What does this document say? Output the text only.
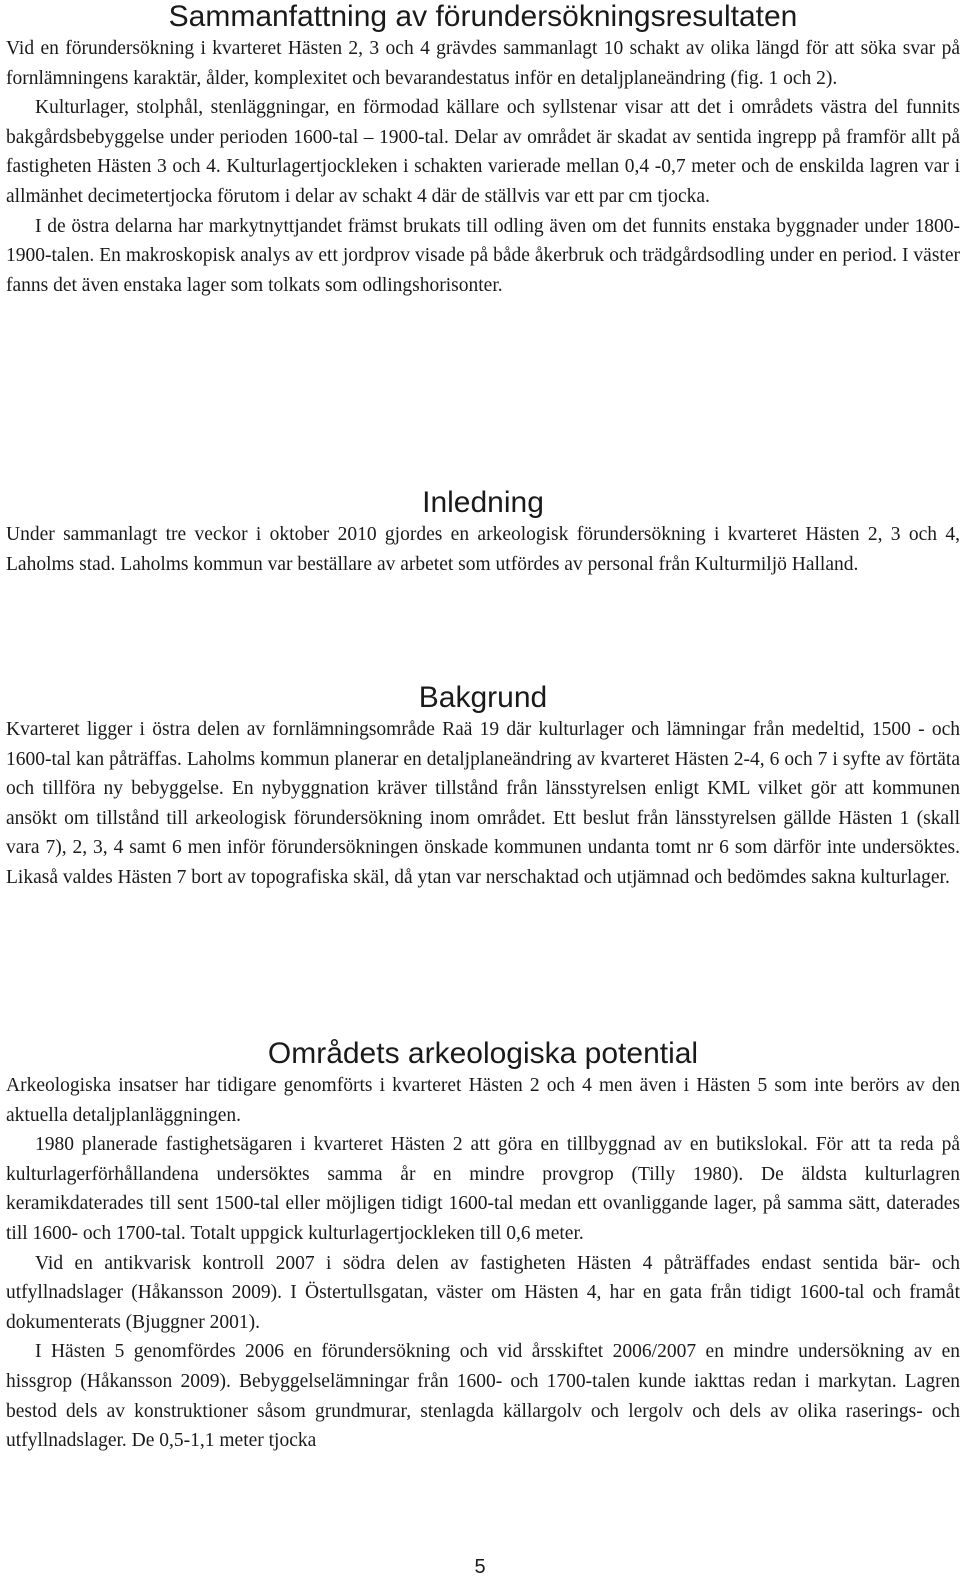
Sammanfattning av förundersökningsresultaten

Vid en förundersökning i kvarteret Hästen 2, 3 och 4 grävdes sammanlagt 10 schakt av olika längd för att söka svar på fornlämningens karaktär, ålder, komplexitet och bevarandestatus inför en detaljplaneändring (fig. 1 och 2).

Kulturlager, stolphål, stenläggningar, en förmodad källare och syllstenar visar att det i områdets västra del funnits bakgårdsbebyggelse under perioden 1600-tal – 1900-tal. Delar av området är skadat av sentida ingrepp på framför allt på fastigheten Hästen 3 och 4. Kulturlagertjockleken i schakten varierade mellan 0,4 -0,7 meter och de enskilda lagren var i allmänhet decimetertjocka förutom i delar av schakt 4 där de ställvis var ett par cm tjocka.

I de östra delarna har markytnyttjandet främst brukats till odling även om det funnits enstaka byggnader under 1800-1900-talen. En makroskopisk analys av ett jordprov visade på både åkerbruk och trädgårdsodling under en period. I väster fanns det även enstaka lager som tolkats som odlingshorisonter.

Inledning

Under sammanlagt tre veckor i oktober 2010 gjordes en arkeologisk förundersökning i kvarteret Hästen 2, 3 och 4, Laholms stad. Laholms kommun var beställare av arbetet som utfördes av personal från Kulturmiljö Halland.

Bakgrund

Kvarteret ligger i östra delen av fornlämningsområde Raä 19 där kulturlager och lämningar från medeltid, 1500 - och 1600-tal kan påträffas. Laholms kommun planerar en detaljplaneändring av kvarteret Hästen 2-4, 6 och 7 i syfte av förtäta och tillföra ny bebyggelse. En nybyggnation kräver tillstånd från länsstyrelsen enligt KML vilket gör att kommunen ansökt om tillstånd till arkeologisk förundersökning inom området. Ett beslut från länsstyrelsen gällde Hästen 1 (skall vara 7), 2, 3, 4 samt 6 men inför förundersökningen önskade kommunen undanta tomt nr 6 som därför inte undersöktes. Likaså valdes Hästen 7 bort av topografiska skäl, då ytan var nerschaktad och utjämnad och bedömdes sakna kulturlager.

Områdets arkeologiska potential

Arkeologiska insatser har tidigare genomförts i kvarteret Hästen 2 och 4 men även i Hästen 5 som inte berörs av den aktuella detaljplanläggningen.

1980 planerade fastighetsägaren i kvarteret Hästen 2 att göra en tillbyggnad av en butikslokal. För att ta reda på kulturlagerförhållandena undersöktes samma år en mindre provgrop (Tilly 1980). De äldsta kulturlagren keramikdaterades till sent 1500-tal eller möjligen tidigt 1600-tal medan ett ovanliggande lager, på samma sätt, daterades till 1600- och 1700-tal. Totalt uppgick kulturlagertjockleken till 0,6 meter.

Vid en antikvarisk kontroll 2007 i södra delen av fastigheten Hästen 4 påträffades endast sentida bär- och utfyllnadslager (Håkansson 2009). I Östertullsgatan, väster om Hästen 4, har en gata från tidigt 1600-tal och framåt dokumenterats (Bjuggner 2001).

I Hästen 5 genomfördes 2006 en förundersökning och vid årsskiftet 2006/2007 en mindre undersökning av en hissgrop (Håkansson 2009). Bebyggelselämningar från 1600- och 1700-talen kunde iakttas redan i markytan. Lagren bestod dels av konstruktioner såsom grundmurar, stenlagda källargolv och lergolv och dels av olika raserings- och utfyllnadslager. De 0,5-1,1 meter tjocka

5
